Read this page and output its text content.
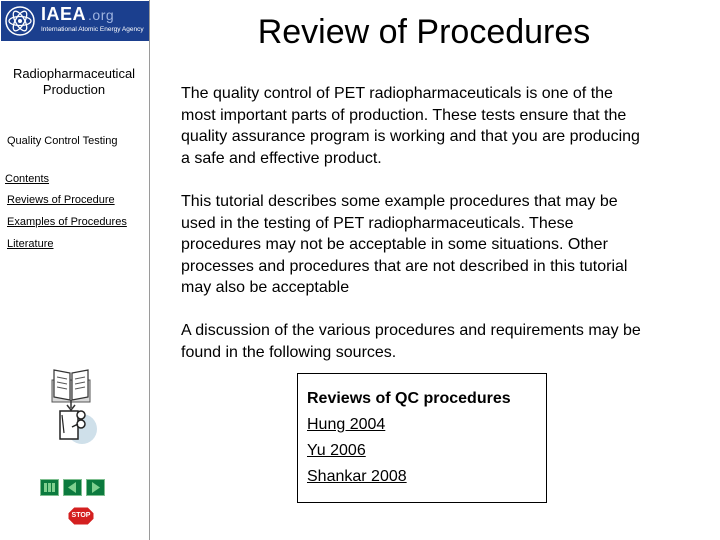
IAEA .org
International Atomic Energy Agency
Radiopharmaceutical Production
Quality Control Testing
Contents
Reviews of Procedure
Examples of Procedures
Literature
STOP
Review of Procedures

The quality control of PET radiopharmaceuticals is one of the most important parts of production. These tests ensure that the quality assurance program is working and that you are producing a safe and effective product.

This tutorial describes some example procedures that may be used in the testing of PET radiopharmaceuticals. These procedures may not be acceptable in some situations. Other processes and procedures that are not described in this tutorial may also be acceptable

A discussion of the various procedures and requirements may be found in the following sources.

Reviews of QC procedures
Hung 2004
Yu 2006
Shankar 2008
